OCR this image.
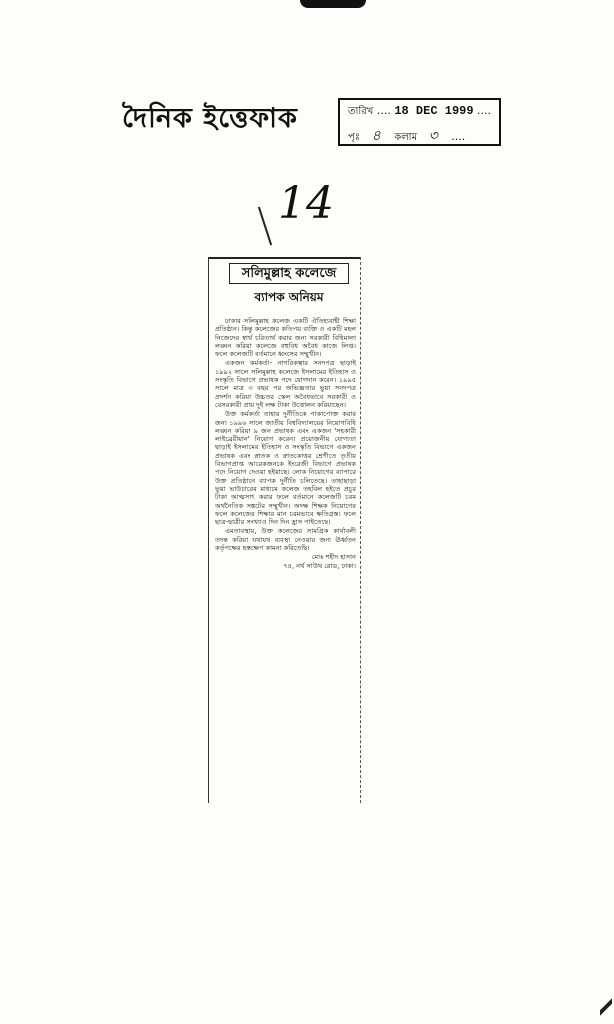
দৈনিক ইত্তেফাক	তারিখ .... 18 DEC 1999 ....
পৃঃ ৪ কলাম ৩ ....
14
সলিমুল্লাহ কলেজে
ব্যাপক অনিয়ম

ঢাকার সলিমুল্লাহ কলেজ একটি ঐতিহ্যবাহী শিক্ষা প্রতিষ্ঠান। কিন্তু কলেজের কতিপয় ব্যক্তি ও একটি মহল নিজেদের স্বার্থ চরিতার্থ করার জন্য সরকারী বিধিমালা লঙ্ঘন করিয়া কলেজে বহুবিধ অবৈধ কাজে লিপ্ত। ফলে কলেজটি বর্তমানে ধ্বংসের সম্মুখীন।

একজন কর্মকর্তা- নাগরিকত্বার সনদপত্র ছাড়াই ১৯৯২ সালে সলিমুল্লাহ কলেজে ইসলামের ইতিহাস ও সংস্কৃতি বিভাগে প্রভাষক পদে যোগদান করেন। ১৯৯৫ সালে মাত্র ৩ বছর পর অভিজ্ঞতার ভুয়া সনদপত্র প্রদর্শন করিয়া উচ্চতর স্কেল অবৈধভাবে সরকারী ও বেসরকারী প্রায় দুই লক্ষ টাকা উত্তোলন করিয়াছেন।

উক্ত কর্মকর্তা তাহার দুর্নীতিকে পাকাপোক্ত করার জন্য ১৯৯৬ সালে জাতীয় বিশ্ববিদ্যালয়ের নিয়োগবিধি লঙ্ঘন করিয়া ৯ জন প্রভাষক এবং একজন 'সহকারী লাইব্রেরীয়ান' নিয়োগ করেন। প্রয়োজনীয় যোগ্যতা ছাড়াই ইসলামের ইতিহাস ও সংস্কৃতি বিভাগে একজন প্রভাষক এবং স্নাতক ও স্নাতকোত্তর শ্রেণীতে তৃতীয় বিভাগপ্রাপ্ত আরেকজনকে ইংরেজী বিভাগে প্রভাষক পদে নিয়োগ দেওয়া হইয়াছে। লোক নিয়োগের ব্যাপারে উক্ত প্রতিষ্ঠানে ব্যাপক দুর্নীতি চলিতেছে। তাহাছাড়া ভুয়া ভাউচারের মাধ্যমে কলেজ তহবিল হইতে প্রচুর টাকা আত্মসাৎ করার ফলে বর্তমানে কলেজটি চরম অর্থনৈতিক সঙ্কটের সম্মুখীন। অদক্ষ শিক্ষক নিয়োগের ফলে কলেজের শিক্ষার মান চরমভাবে ক্ষতিগ্রস্ত। ফলে ছাত্র-ছাত্রীর সংখ্যাও দিন দিন হ্রাস পাইতেছে।

এমতাবস্থায়, উক্ত কলেজের সামগ্রিক কার্যাবলী তদন্ত করিয়া যথাযথ ব্যবস্থা নেওয়ার জন্য ঊর্ধ্বতন কর্তৃপক্ষের হস্তক্ষেপ কামনা করিতেছি।

মোঃ শহীদ হাসান

৭৪, নর্থ সাউথ রোড, ঢাকা।
